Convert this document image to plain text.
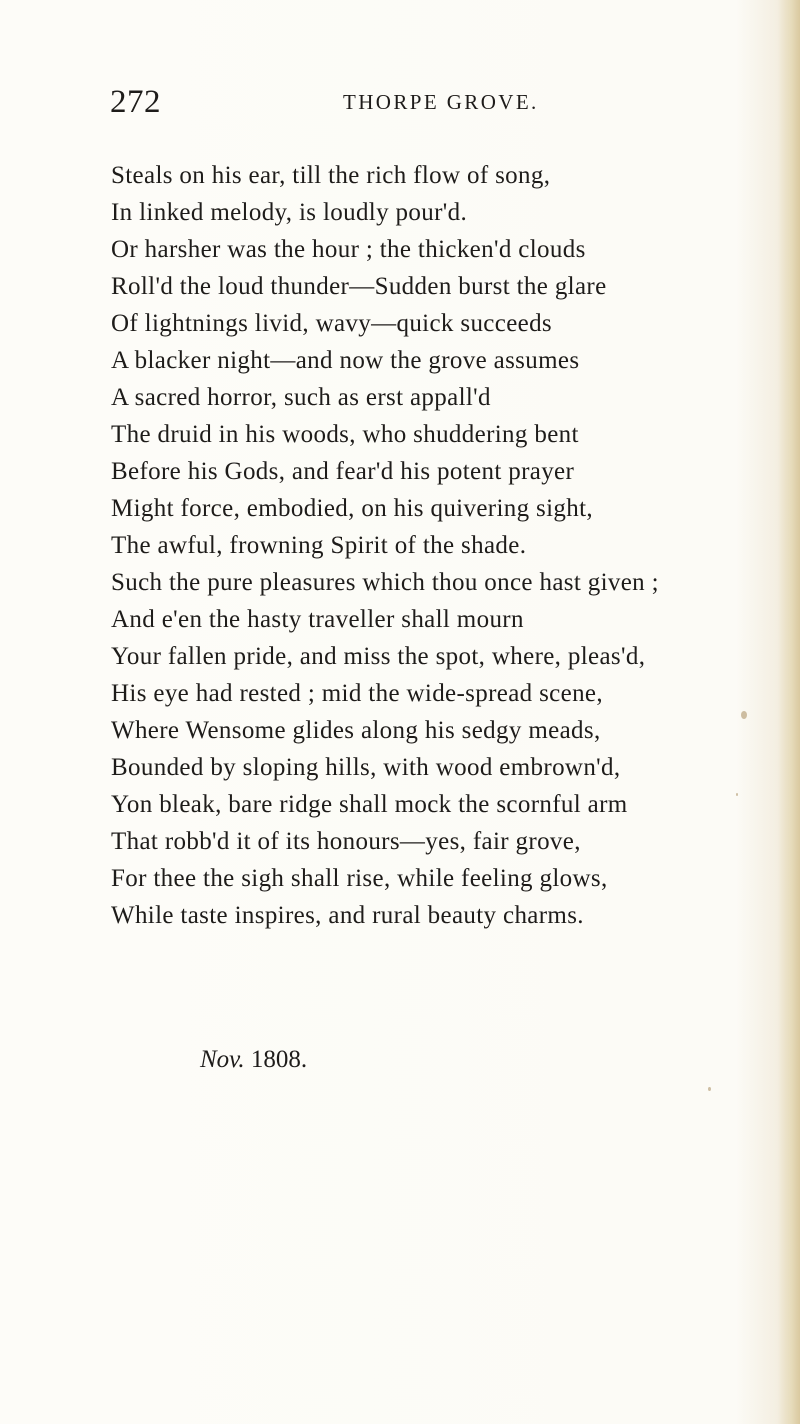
272	THORPE GROVE.
Steals on his ear, till the rich flow of song,
In linked melody, is loudly pour'd.
Or harsher was the hour ; the thicken'd clouds
Roll'd the loud thunder—Sudden burst the glare
Of lightnings livid, wavy—quick succeeds
A blacker night—and now the grove assumes
A sacred horror, such as erst appall'd
The druid in his woods, who shuddering bent
Before his Gods, and fear'd his potent prayer
Might force, embodied, on his quivering sight,
The awful, frowning Spirit of the shade.
Such the pure pleasures which thou once hast given ;
And e'en the hasty traveller shall mourn
Your fallen pride, and miss the spot, where, pleas'd,
His eye had rested ; mid the wide-spread scene,
Where Wensome glides along his sedgy meads,
Bounded by sloping hills, with wood embrown'd,
Yon bleak, bare ridge shall mock the scornful arm
That robb'd it of its honours—yes, fair grove,
For thee the sigh shall rise, while feeling glows,
While taste inspires, and rural beauty charms.
Nov. 1808.
